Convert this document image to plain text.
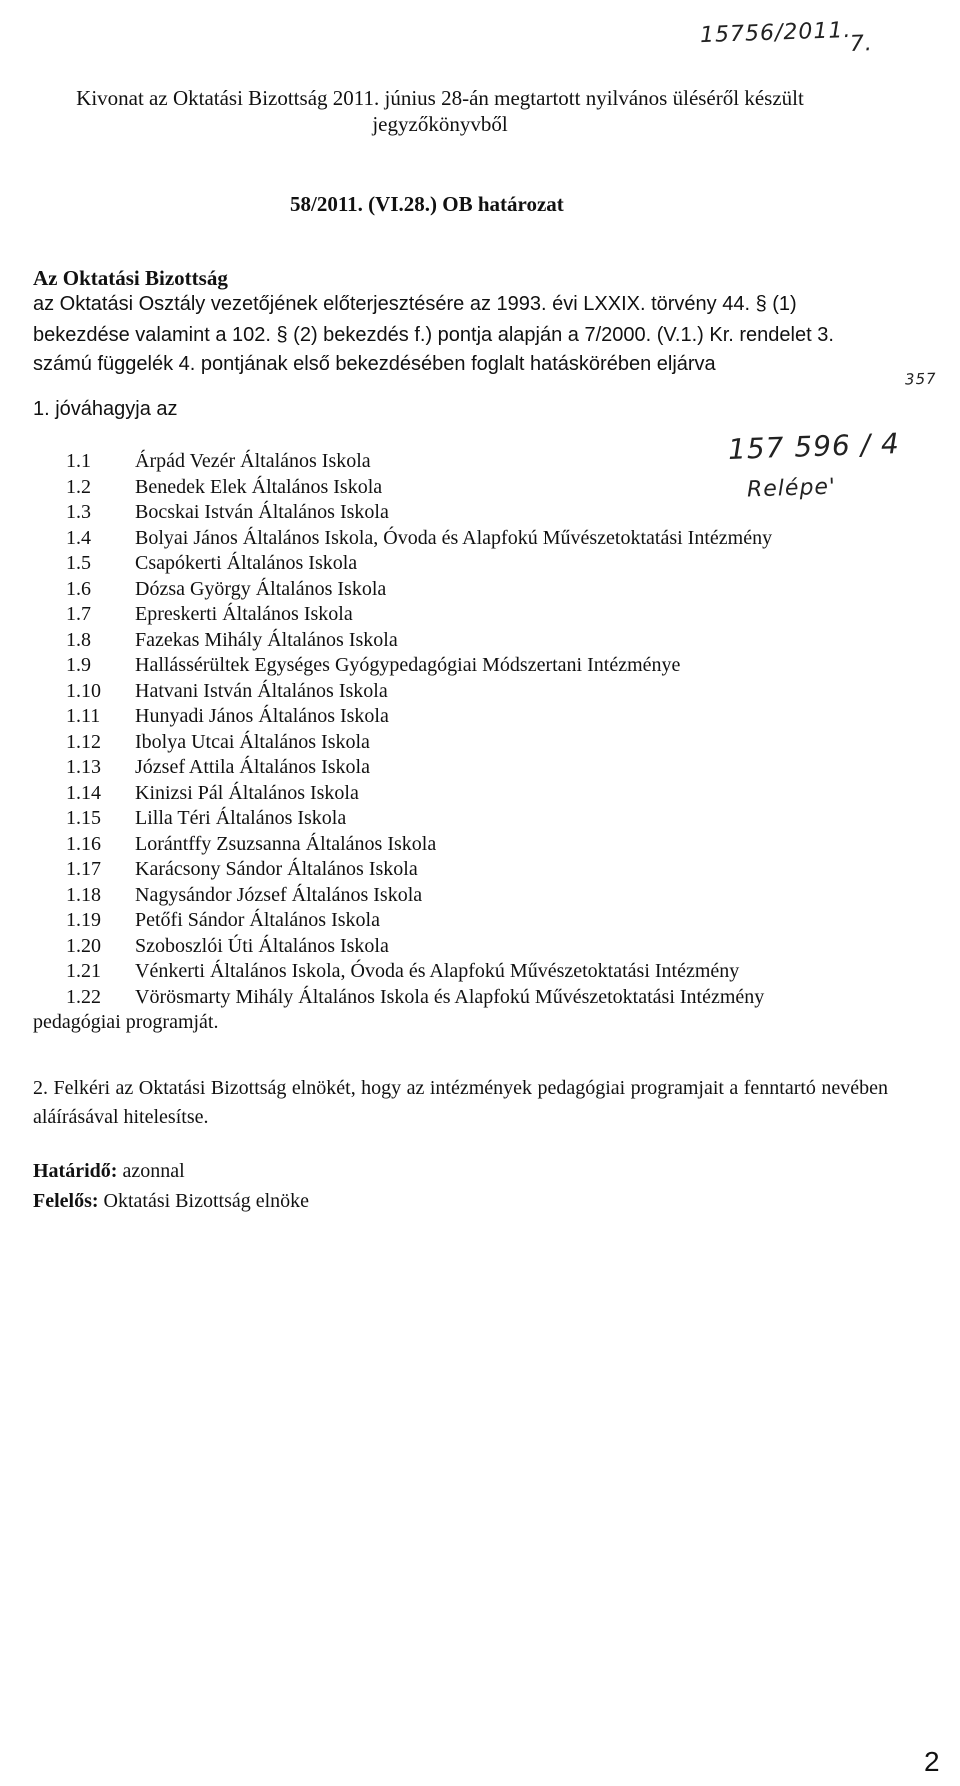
15756/2011. 7.
357
157 596 / 4
Relépe'
Kivonat az Oktatási Bizottság 2011. június 28-án megtartott nyilvános üléséről készült
jegyzőkönyvből
58/2011. (VI.28.) OB határozat
Az Oktatási Bizottság
az Oktatási Osztály vezetőjének előterjesztésére az 1993. évi LXXIX. törvény 44. § (1)
bekezdése valamint a 102. § (2) bekezdés f.) pontja alapján a 7/2000. (V.1.) Kr. rendelet 3.
számú függelék 4. pontjának első bekezdésében foglalt hatáskörében eljárva
1. jóváhagyja az
1.1 Árpád Vezér Általános Iskola
1.2 Benedek Elek Általános Iskola
1.3 Bocskai István Általános Iskola
1.4 Bolyai János Általános Iskola, Óvoda és Alapfokú Művészetoktatási Intézmény
1.5 Csapókerti Általános Iskola
1.6 Dózsa György Általános Iskola
1.7 Epreskerti Általános Iskola
1.8 Fazekas Mihály Általános Iskola
1.9 Hallássérültek Egységes Gyógypedagógiai Módszertani Intézménye
1.10 Hatvani István Általános Iskola
1.11 Hunyadi János Általános Iskola
1.12 Ibolya Utcai Általános Iskola
1.13 József Attila Általános Iskola
1.14 Kinizsi Pál Általános Iskola
1.15 Lilla Téri Általános Iskola
1.16 Lorántffy Zsuzsanna Általános Iskola
1.17 Karácsony Sándor Általános Iskola
1.18 Nagysándor József Általános Iskola
1.19 Petőfi Sándor Általános Iskola
1.20 Szoboszlói Úti Általános Iskola
1.21 Vénkerti Általános Iskola, Óvoda és Alapfokú Művészetoktatási Intézmény
1.22 Vörösmarty Mihály Általános Iskola és Alapfokú Művészetoktatási Intézmény
pedagógiai programját.
2. Felkéri az Oktatási Bizottság elnökét, hogy az intézmények pedagógiai programjait a fenntartó nevében aláírásával hitelesítse.
Határidő: azonnal
Felelős: Oktatási Bizottság elnöke
2
